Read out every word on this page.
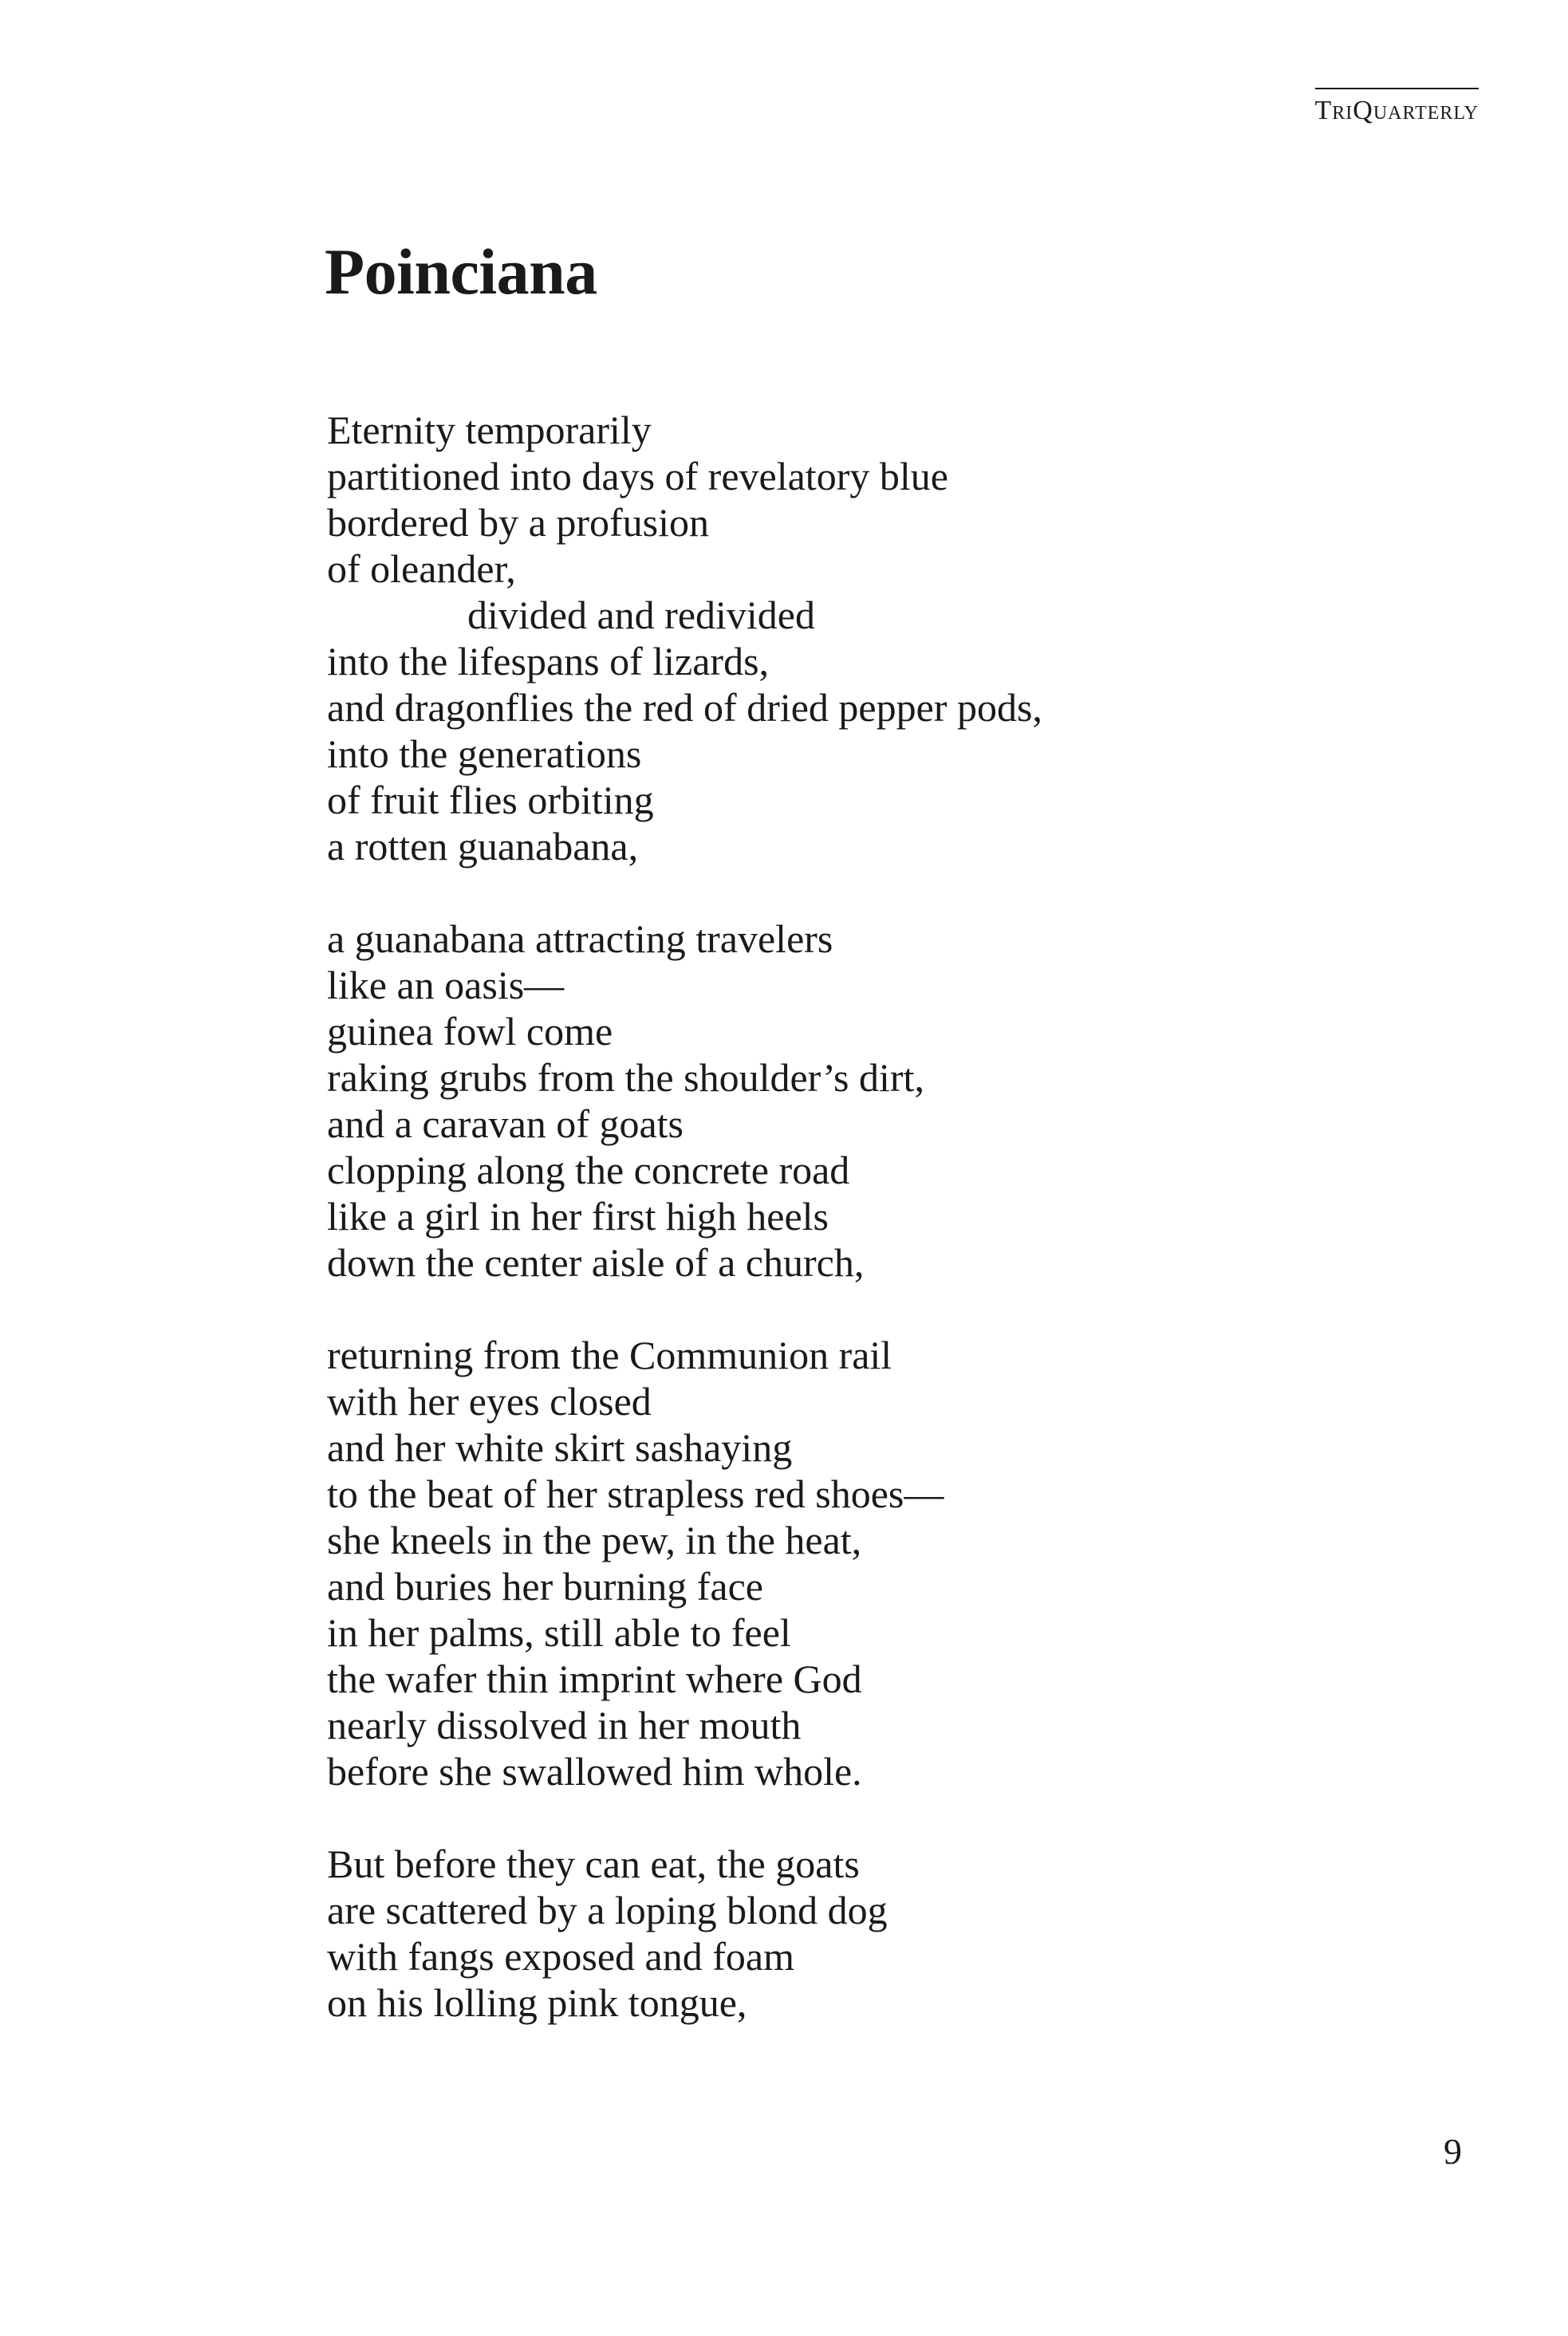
TriQuarterly
Poinciana
Eternity temporarily
partitioned into days of revelatory blue
bordered by a profusion
of oleander,
divided and redivided
into the lifespans of lizards,
and dragonflies the red of dried pepper pods,
into the generations
of fruit flies orbiting
a rotten guanabana,
a guanabana attracting travelers
like an oasis—
guinea fowl come
raking grubs from the shoulder’s dirt,
and a caravan of goats
clopping along the concrete road
like a girl in her first high heels
down the center aisle of a church,
returning from the Communion rail
with her eyes closed
and her white skirt sashaying
to the beat of her strapless red shoes—
she kneels in the pew, in the heat,
and buries her burning face
in her palms, still able to feel
the wafer thin imprint where God
nearly dissolved in her mouth
before she swallowed him whole.
But before they can eat, the goats
are scattered by a loping blond dog
with fangs exposed and foam
on his lolling pink tongue,
9
